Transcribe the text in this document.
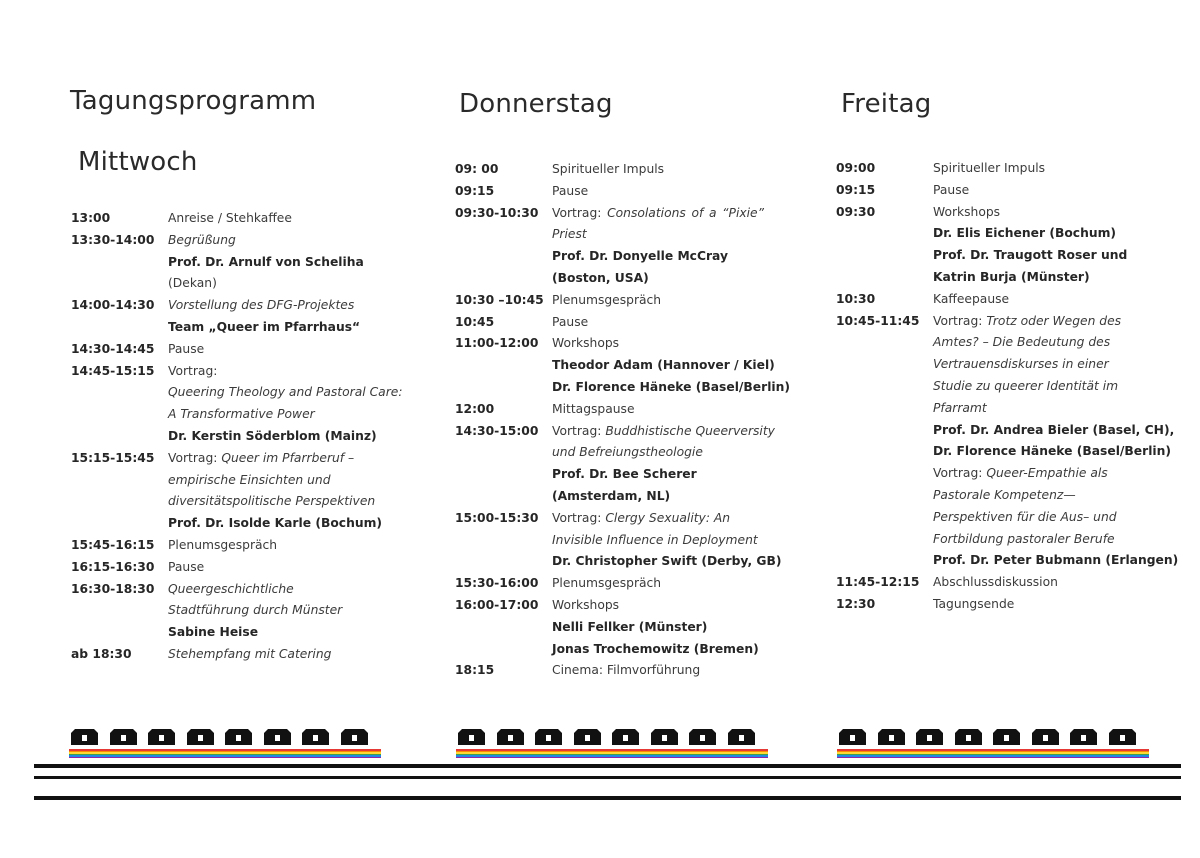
Tagungsprogramm
Mittwoch
Donnerstag	Freitag
13:00	Anreise / Stehkaffee
13:30-14:00 Begrüßung
Prof. Dr. Arnulf von Scheliha
(Dekan)
14:00-14:30 Vorstellung des DFG-Projektes
Team „Queer im Pfarrhaus“
14:30-14:45 Pause
14:45-15:15 Vortrag:
Queering Theology and Pastoral Care:
A Transformative Power
Dr. Kerstin Söderblom (Mainz)
15:15-15:45 Vortrag: Queer im Pfarrberuf –
empirische Einsichten und
diversitätspolitische Perspektiven
Prof. Dr. Isolde Karle (Bochum)
15:45-16:15 Plenumsgespräch
16:15-16:30 Pause
16:30-18:30 Queergeschichtliche
Stadtführung durch Münster
Sabine Heise
ab 18:30	Stehempfang mit Catering
09: 00	Spiritueller Impuls
09:15	Pause
09:30-10:30 Vortrag: Consolations of a “Pixie”
Priest
Prof. Dr. Donyelle McCray
(Boston, USA)
10:30 –10:45 Plenumsgespräch
10:45	Pause
11:00-12:00 Workshops
Theodor Adam (Hannover / Kiel)
Dr. Florence Häneke (Basel/Berlin)
12:00	Mittagspause
14:30-15:00 Vortrag: Buddhistische Queerversity
und Befreiungstheologie
Prof. Dr. Bee Scherer
(Amsterdam, NL)
15:00-15:30 Vortrag: Clergy Sexuality: An
Invisible Influence in Deployment
Dr. Christopher Swift (Derby, GB)
15:30-16:00 Plenumsgespräch
16:00-17:00 Workshops
Nelli Fellker (Münster)
Jonas Trochemowitz (Bremen)
18:15	Cinema: Filmvorführung
09:00	Spiritueller Impuls
09:15	Pause
09:30	Workshops
Dr. Elis Eichener (Bochum)
Prof. Dr. Traugott Roser und
Katrin Burja (Münster)
10:30	Kaffeepause
10:45-11:45 Vortrag: Trotz oder Wegen des
Amtes? – Die Bedeutung des
Vertrauensdiskurses in einer
Studie zu queerer Identität im
Pfarramt
Prof. Dr. Andrea Bieler (Basel, CH),
Dr. Florence Häneke (Basel/Berlin)
Vortrag: Queer-Empathie als
Pastorale Kompetenz—
Perspektiven für die Aus– und
Fortbildung pastoraler Berufe
Prof. Dr. Peter Bubmann (Erlangen)
11:45-12:15 Abschlussdiskussion
12:30	Tagungsende
